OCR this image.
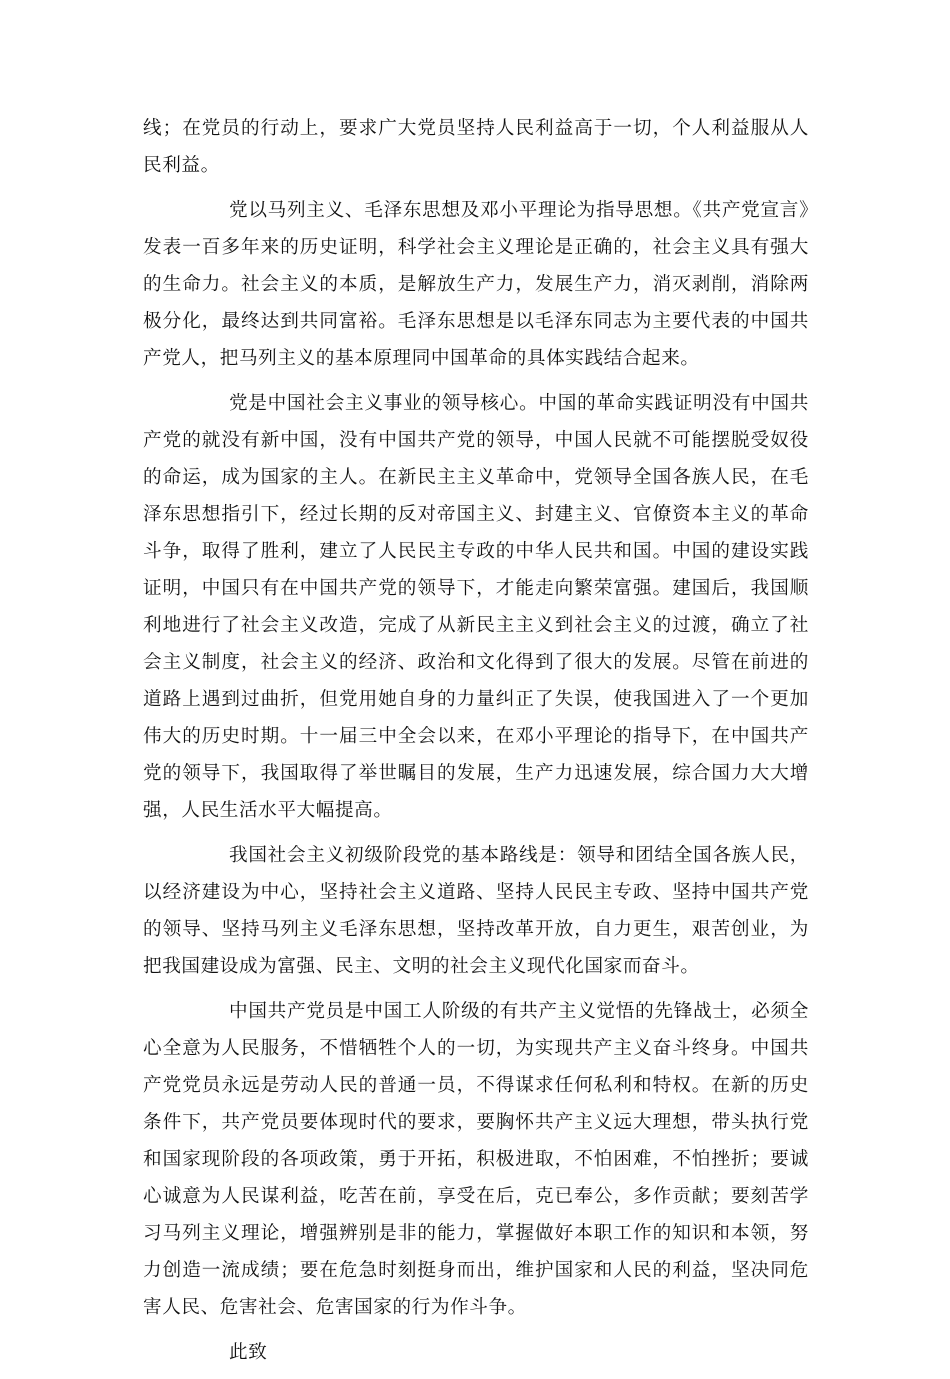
线；在党员的行动上，要求广大党员坚持人民利益高于一切，个人利益服从人民利益。

党以马列主义、毛泽东思想及邓小平理论为指导思想。《共产党宣言》发表一百多年来的历史证明，科学社会主义理论是正确的，社会主义具有强大的生命力。社会主义的本质，是解放生产力，发展生产力，消灭剥削，消除两极分化，最终达到共同富裕。毛泽东思想是以毛泽东同志为主要代表的中国共产党人，把马列主义的基本原理同中国革命的具体实践结合起来。

党是中国社会主义事业的领导核心。中国的革命实践证明没有中国共产党的就没有新中国，没有中国共产党的领导，中国人民就不可能摆脱受奴役的命运，成为国家的主人。在新民主主义革命中，党领导全国各族人民，在毛泽东思想指引下，经过长期的反对帝国主义、封建主义、官僚资本主义的革命斗争，取得了胜利，建立了人民民主专政的中华人民共和国。中国的建设实践证明，中国只有在中国共产党的领导下，才能走向繁荣富强。建国后，我国顺利地进行了社会主义改造，完成了从新民主主义到社会主义的过渡，确立了社会主义制度，社会主义的经济、政治和文化得到了很大的发展。尽管在前进的道路上遇到过曲折，但党用她自身的力量纠正了失误，使我国进入了一个更加伟大的历史时期。十一届三中全会以来，在邓小平理论的指导下，在中国共产党的领导下，我国取得了举世瞩目的发展，生产力迅速发展，综合国力大大增强，人民生活水平大幅提高。

我国社会主义初级阶段党的基本路线是：领导和团结全国各族人民，以经济建设为中心，坚持社会主义道路、坚持人民民主专政、坚持中国共产党的领导、坚持马列主义毛泽东思想，坚持改革开放，自力更生，艰苦创业，为把我国建设成为富强、民主、文明的社会主义现代化国家而奋斗。

中国共产党员是中国工人阶级的有共产主义觉悟的先锋战士，必须全心全意为人民服务，不惜牺牲个人的一切，为实现共产主义奋斗终身。中国共产党党员永远是劳动人民的普通一员，不得谋求任何私利和特权。在新的历史条件下，共产党员要体现时代的要求，要胸怀共产主义远大理想，带头执行党和国家现阶段的各项政策，勇于开拓，积极进取，不怕困难，不怕挫折；要诚心诚意为人民谋利益，吃苦在前，享受在后，克已奉公，多作贡献；要刻苦学习马列主义理论，增强辨别是非的能力，掌握做好本职工作的知识和本领，努力创造一流成绩；要在危急时刻挺身而出，维护国家和人民的利益，坚决同危害人民、危害社会、危害国家的行为作斗争。

此致
